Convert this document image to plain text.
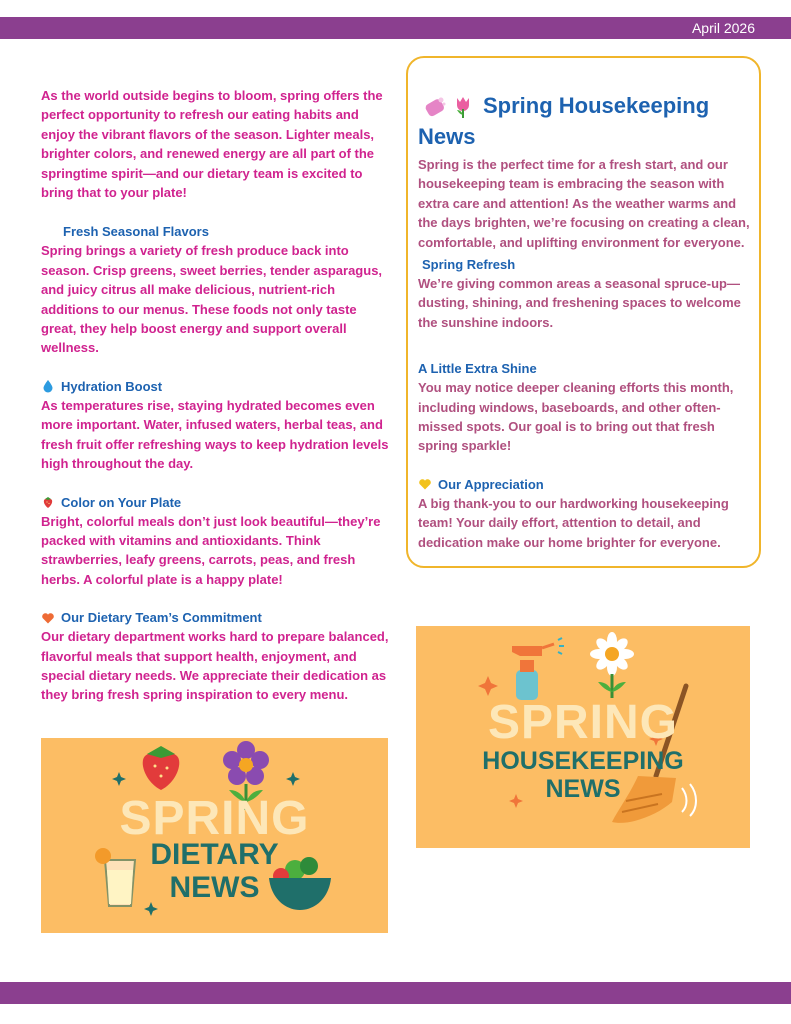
April 2026

As the world outside begins to bloom, spring offers the perfect opportunity to refresh our eating habits and enjoy the vibrant flavors of the season. Lighter meals, brighter colors, and renewed energy are all part of the springtime spirit—and our dietary team is excited to bring that to your plate!

Fresh Seasonal Flavors

Spring brings a variety of fresh produce back into season. Crisp greens, sweet berries, tender asparagus, and juicy citrus all make delicious, nutrient-rich additions to our menus. These foods not only taste great, they help boost energy and support overall wellness.

Hydration Boost

As temperatures rise, staying hydrated becomes even more important. Water, infused waters, herbal teas, and fresh fruit offer refreshing ways to keep hydration levels high throughout the day.

Color on Your Plate

Bright, colorful meals don’t just look beautiful—they’re packed with vitamins and antioxidants. Think strawberries, leafy greens, carrots, peas, and fresh herbs. A colorful plate is a happy plate!

Our Dietary Team’s Commitment

Our dietary department works hard to prepare balanced, flavorful meals that support health, enjoyment, and special dietary needs. We appreciate their dedication as they bring fresh spring inspiration to every menu.

Spring Housekeeping News

Spring is the perfect time for a fresh start, and our housekeeping team is embracing the season with extra care and attention! As the weather warms and the days brighten, we’re focusing on creating a clean, comfortable, and uplifting environment for everyone.

Spring Refresh

We’re giving common areas a seasonal spruce-up—dusting, shining, and freshening spaces to welcome the sunshine indoors.

A Little Extra Shine

You may notice deeper cleaning efforts this month, including windows, baseboards, and other often-missed spots. Our goal is to bring out that fresh spring sparkle!

Our Appreciation

A big thank-you to our hardworking housekeeping team! Your daily effort, attention to detail, and dedication make our home brighter for everyone.

SPRING
HOUSEKEEPING
NEWS
SPRING
DIETARY
NEWS
